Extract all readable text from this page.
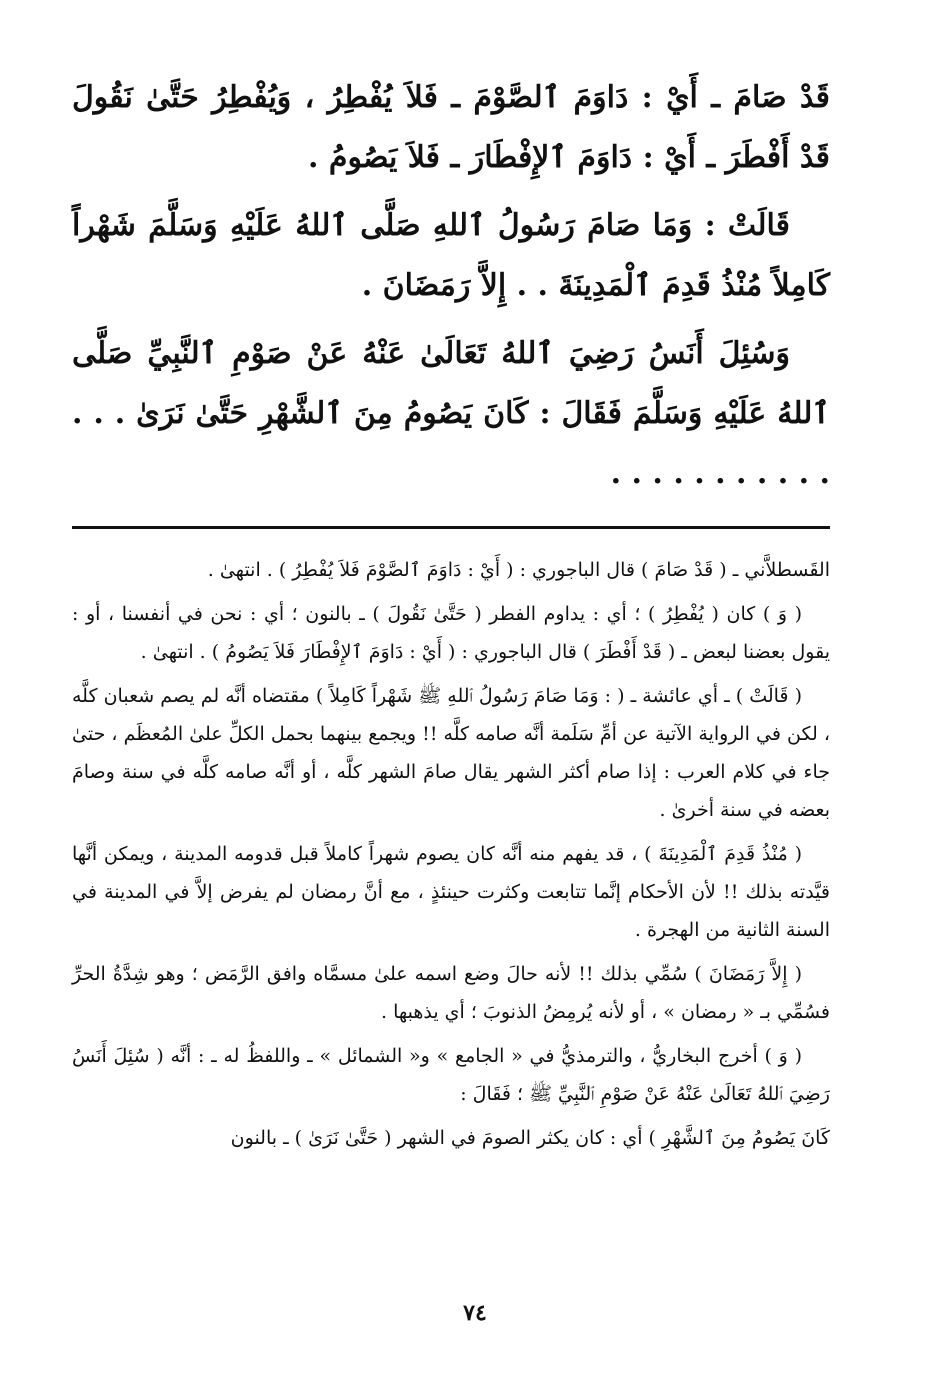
قَدْ صَامَ ـ أَيْ : دَاوَمَ ٱلصَّوْمَ ـ فَلاَ يُفْطِرُ ، وَيُفْطِرُ حَتَّىٰ نَقُولَ قَدْ أَفْطَرَ ـ أَيْ : دَاوَمَ ٱلإِفْطَارَ ـ فَلاَ يَصُومُ .

قَالَتْ : وَمَا صَامَ رَسُولُ ٱللهِ صَلَّى ٱللهُ عَلَيْهِ وَسَلَّمَ شَهْراً كَامِلاً مُنْذُ قَدِمَ ٱلْمَدِينَةَ . . إِلاَّ رَمَضَانَ .

وَسُئِلَ أَنَسُ رَضِيَ ٱللهُ تَعَالَىٰ عَنْهُ عَنْ صَوْمِ ٱلنَّبِيِّ صَلَّى ٱللهُ عَلَيْهِ وَسَلَّمَ فَقَالَ : كَانَ يَصُومُ مِنَ ٱلشَّهْرِ حَتَّىٰ نَرَىٰ . . . . . . . . . . . . . .

القَسطلاَّني ـ ( قَدْ صَامَ ) قال الباجوري : ( أَيْ : دَاوَمَ ٱلصَّوْمَ فَلاَ يُفْطِرُ ) . انتهىٰ .

( وَ ) كان ( يُفْطِرُ ) ؛ أي : يداوم الفطر ( حَتَّىٰ نَقُولَ ) ـ بالنون ؛ أي : نحن في أنفسنا ، أو : يقول بعضنا لبعض ـ ( قَدْ أَفْطَرَ ) قال الباجوري : ( أَيْ : دَاوَمَ ٱلإِفْطَارَ فَلاَ يَصُومُ ) . انتهىٰ .

( قَالَتْ ) ـ أي عائشة ـ ( : وَمَا صَامَ رَسُولُ ٱللهِ ﷺ شَهْراً كَامِلاً ) مقتضاه أنَّه لم يصم شعبان كلَّه ، لكن في الرواية الآتية عن أمِّ سَلَمة أنَّه صامه كلَّه !! ويجمع بينهما بحمل الكلِّ علىٰ المُعظَم ، حتىٰ جاء في كلام العرب : إذا صام أكثر الشهر يقال صامَ الشهر كلَّه ، أو أنَّه صامه كلَّه في سنة وصامَ بعضه في سنة أخرىٰ .

( مُنْذُ قَدِمَ ٱلْمَدِينَةَ ) ، قد يفهم منه أنَّه كان يصوم شهراً كاملاً قبل قدومه المدينة ، ويمكن أنَّها قيَّدته بذلك !! لأن الأحكام إنَّما تتابعت وكثرت حينئذٍ ، مع أنَّ رمضان لم يفرض إلاَّ في المدينة في السنة الثانية من الهجرة .

( إِلاَّ رَمَضَانَ ) سُمِّي بذلك !! لأنه حالَ وضع اسمه علىٰ مسمَّاه وافق الرَّمَض ؛ وهو شِدَّةُ الحرِّ فسُمِّي بـ « رمضان » ، أو لأنه يُرمِضُ الذنوبَ ؛ أي يذهبها .

( وَ ) أخرج البخاريُّ ، والترمذيُّ في « الجامع » و« الشمائل » ـ واللفظُ له ـ : أنَّه ( سُئِلَ أَنَسُ رَضِيَ ٱللهُ تَعَالَىٰ عَنْهُ عَنْ صَوْمِ ٱلنَّبِيِّ ﷺ ؛ فَقَالَ :

كَانَ يَصُومُ مِنَ ٱلشَّهْرِ ) أي : كان يكثر الصومَ في الشهر ( حَتَّىٰ نَرَىٰ ) ـ بالنون

٧٤
